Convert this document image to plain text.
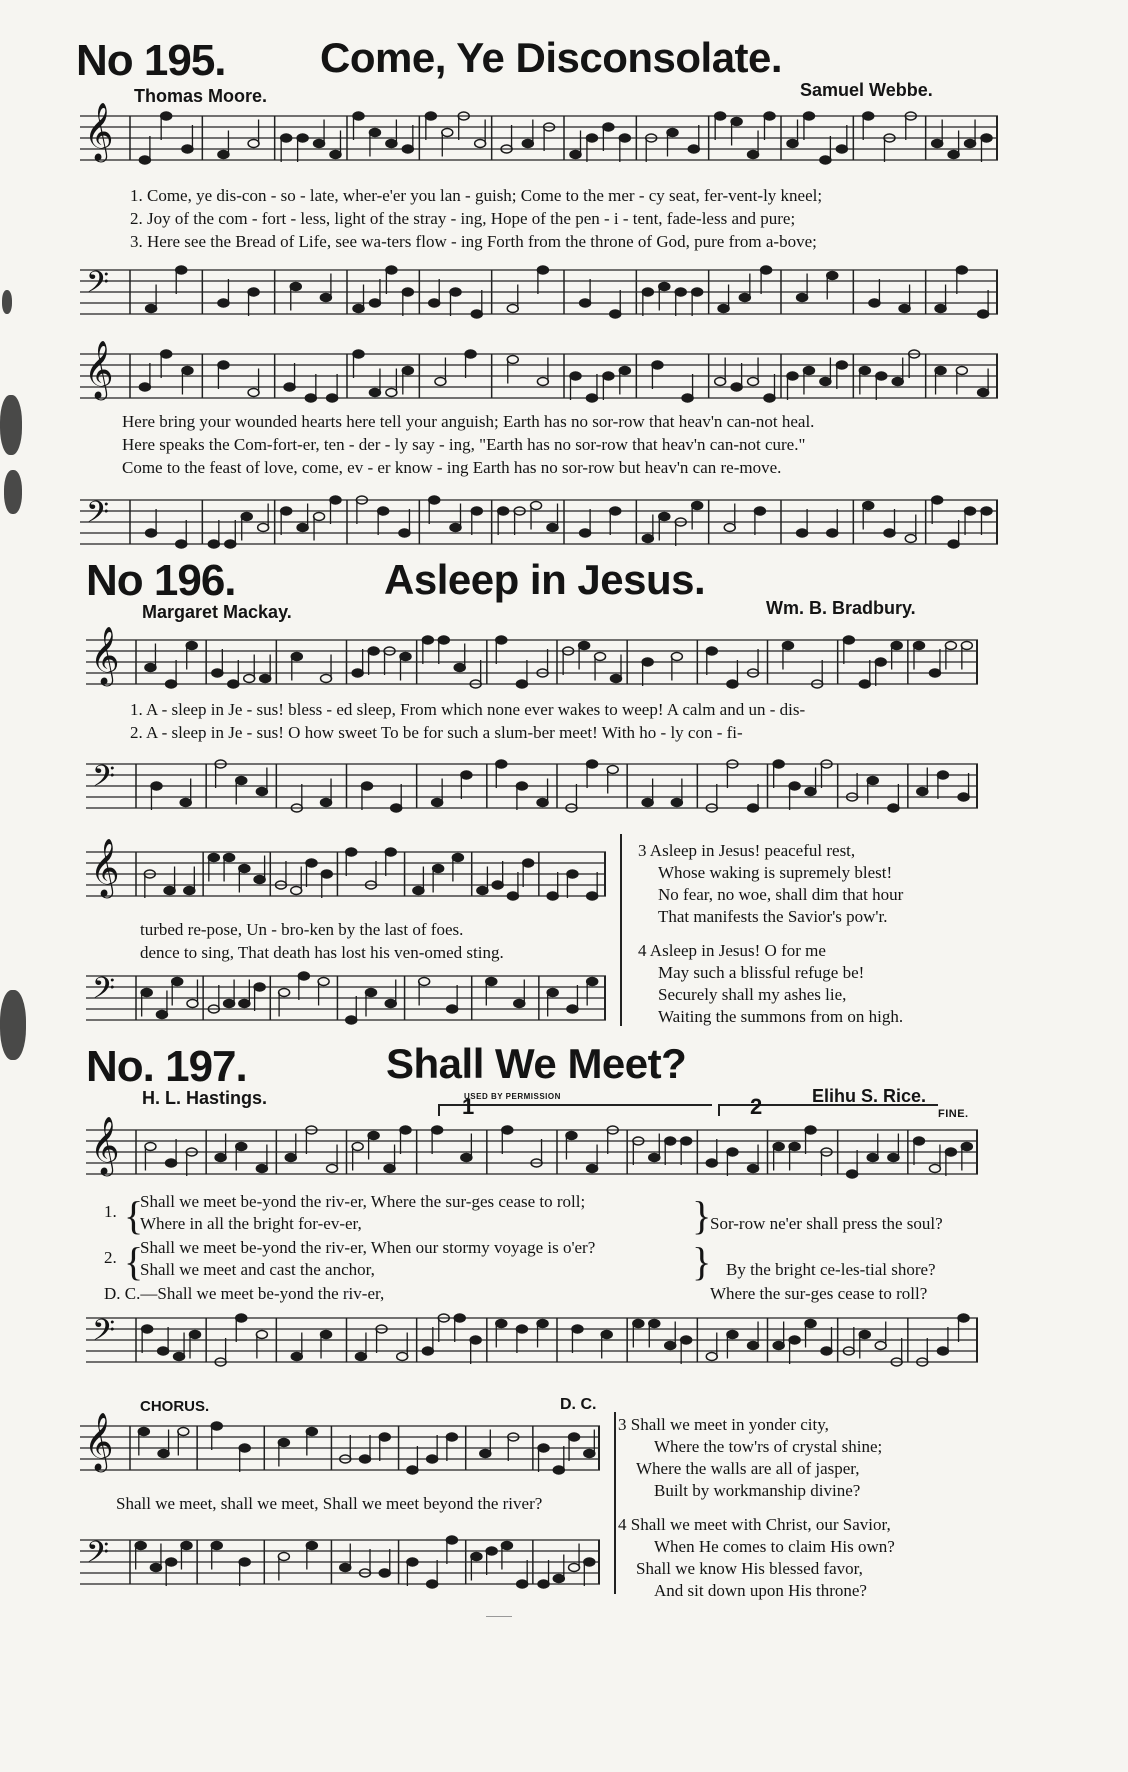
No 195. Come, Ye Disconsolate.
Thomas Moore.	Samuel Webbe.
𝄞
1. Come, ye dis-con - so - late, wher-e'er you lan - guish; Come to the mer - cy seat, fer-vent-ly kneel;
2. Joy of the com - fort - less, light of the stray - ing, Hope of the pen - i - tent, fade-less and pure;
3. Here see the Bread of Life, see wa-ters flow - ing Forth from the throne of God, pure from a-bove;
𝄢
𝄞
Here bring your wounded hearts here tell your anguish; Earth has no sor-row that heav'n can-not heal.
Here speaks the Com-fort-er, ten - der - ly say - ing, "Earth has no sor-row that heav'n can-not cure."
Come to the feast of love, come, ev - er know - ing Earth has no sor-row but heav'n can re-move.
𝄢
No 196.	Asleep in Jesus.
Margaret Mackay.	Wm. B. Bradbury.
𝄞
1. A - sleep in Je - sus! bless - ed sleep, From which none ever wakes to weep! A calm and un - dis-
2. A - sleep in Je - sus! O how sweet To be for such a slum-ber meet! With ho - ly con - fi-
𝄢
𝄞
turbed re-pose, Un - bro-ken by the last of foes.
dence to sing, That death has lost his ven-omed sting.
𝄢
3 Asleep in Jesus! peaceful rest,
Whose waking is supremely blest!
No fear, no woe, shall dim that hour
That manifests the Savior's pow'r.
4 Asleep in Jesus! O for me
May such a blissful refuge be!
Securely shall my ashes lie,
Waiting the summons from on high.
No. 197.	Shall We Meet?
H. L. Hastings.	USED BY PERMISSION	Elihu S. Rice.
1	2	FINE.
𝄞
1. {
Shall we meet be-yond the riv-er, Where the sur-ges cease to roll;
Where in all the bright for-ev-er,	{
Sor-row ne'er shall press the soul?
2. {
Shall we meet be-yond the riv-er, When our stormy voyage is o'er?
Shall we meet and cast the anchor,	{ By the bright ce-les-tial shore?
D. C.—Shall we meet be-yond the riv-er,	Where the sur-ges cease to roll?
𝄢
CHORUS.	D. C.
𝄞
Shall we meet, shall we meet, Shall we meet beyond the river?
𝄢
3 Shall we meet in yonder city,
Where the tow'rs of crystal shine;
Where the walls are all of jasper,
Built by workmanship divine?
4 Shall we meet with Christ, our Savior,
When He comes to claim His own?
Shall we know His blessed favor,
And sit down upon His throne?
